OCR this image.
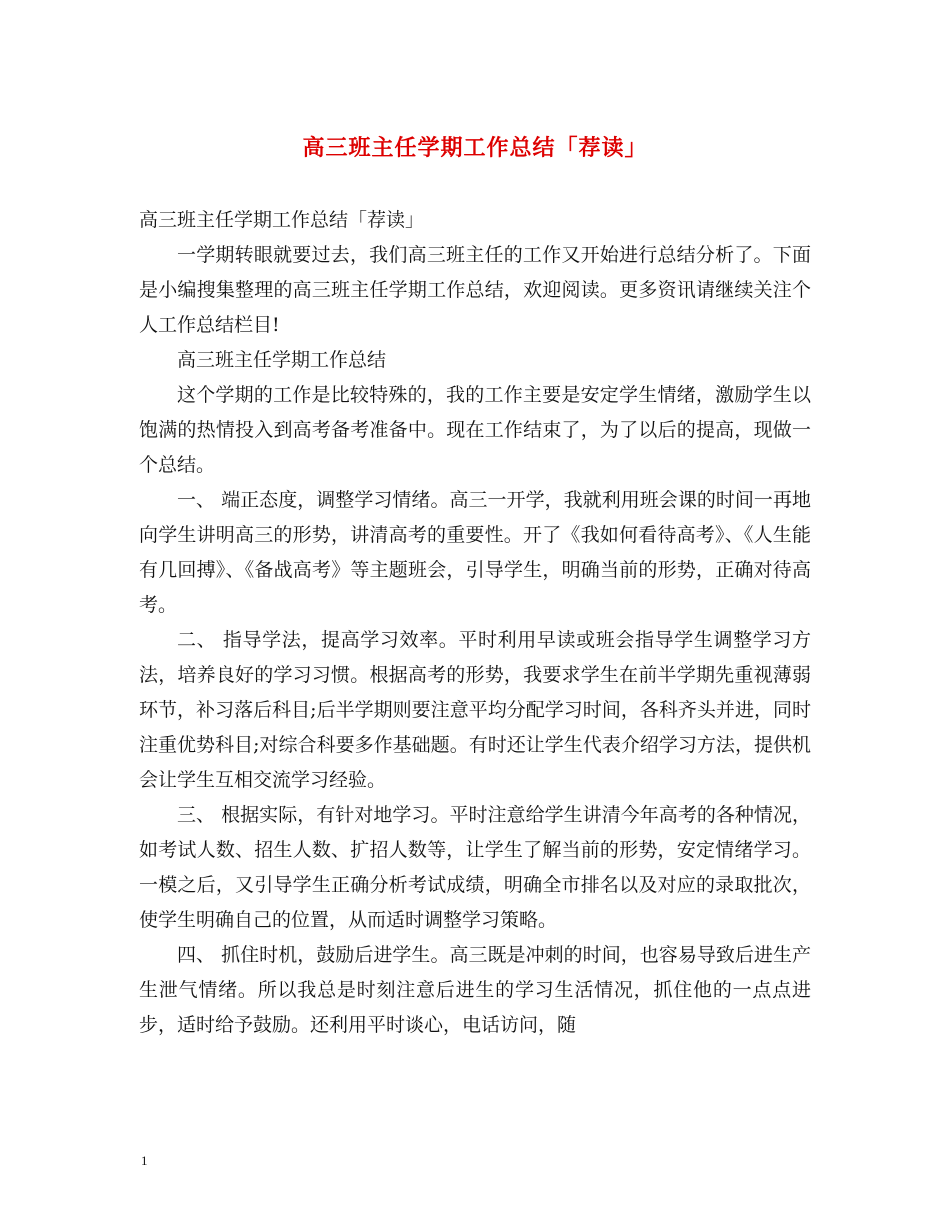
高三班主任学期工作总结「荐读」

高三班主任学期工作总结「荐读」

一学期转眼就要过去，我们高三班主任的工作又开始进行总结分析了。下面是小编搜集整理的高三班主任学期工作总结，欢迎阅读。更多资讯请继续关注个人工作总结栏目!

高三班主任学期工作总结

这个学期的工作是比较特殊的，我的工作主要是安定学生情绪，激励学生以饱满的热情投入到高考备考准备中。现在工作结束了，为了以后的提高，现做一个总结。

一、 端正态度，调整学习情绪。高三一开学，我就利用班会课的时间一再地向学生讲明高三的形势，讲清高考的重要性。开了《我如何看待高考》、《人生能有几回搏》、《备战高考》等主题班会，引导学生，明确当前的形势，正确对待高考。

二、 指导学法，提高学习效率。平时利用早读或班会指导学生调整学习方法，培养良好的学习习惯。根据高考的形势，我要求学生在前半学期先重视薄弱环节，补习落后科目;后半学期则要注意平均分配学习时间，各科齐头并进，同时注重优势科目;对综合科要多作基础题。有时还让学生代表介绍学习方法，提供机会让学生互相交流学习经验。

三、 根据实际，有针对地学习。平时注意给学生讲清今年高考的各种情况，如考试人数、招生人数、扩招人数等，让学生了解当前的形势，安定情绪学习。一模之后，又引导学生正确分析考试成绩，明确全市排名以及对应的录取批次，使学生明确自己的位置，从而适时调整学习策略。

四、 抓住时机，鼓励后进学生。高三既是冲刺的时间，也容易导致后进生产生泄气情绪。所以我总是时刻注意后进生的学习生活情况，抓住他的一点点进步，适时给予鼓励。还利用平时谈心，电话访问，随

1
